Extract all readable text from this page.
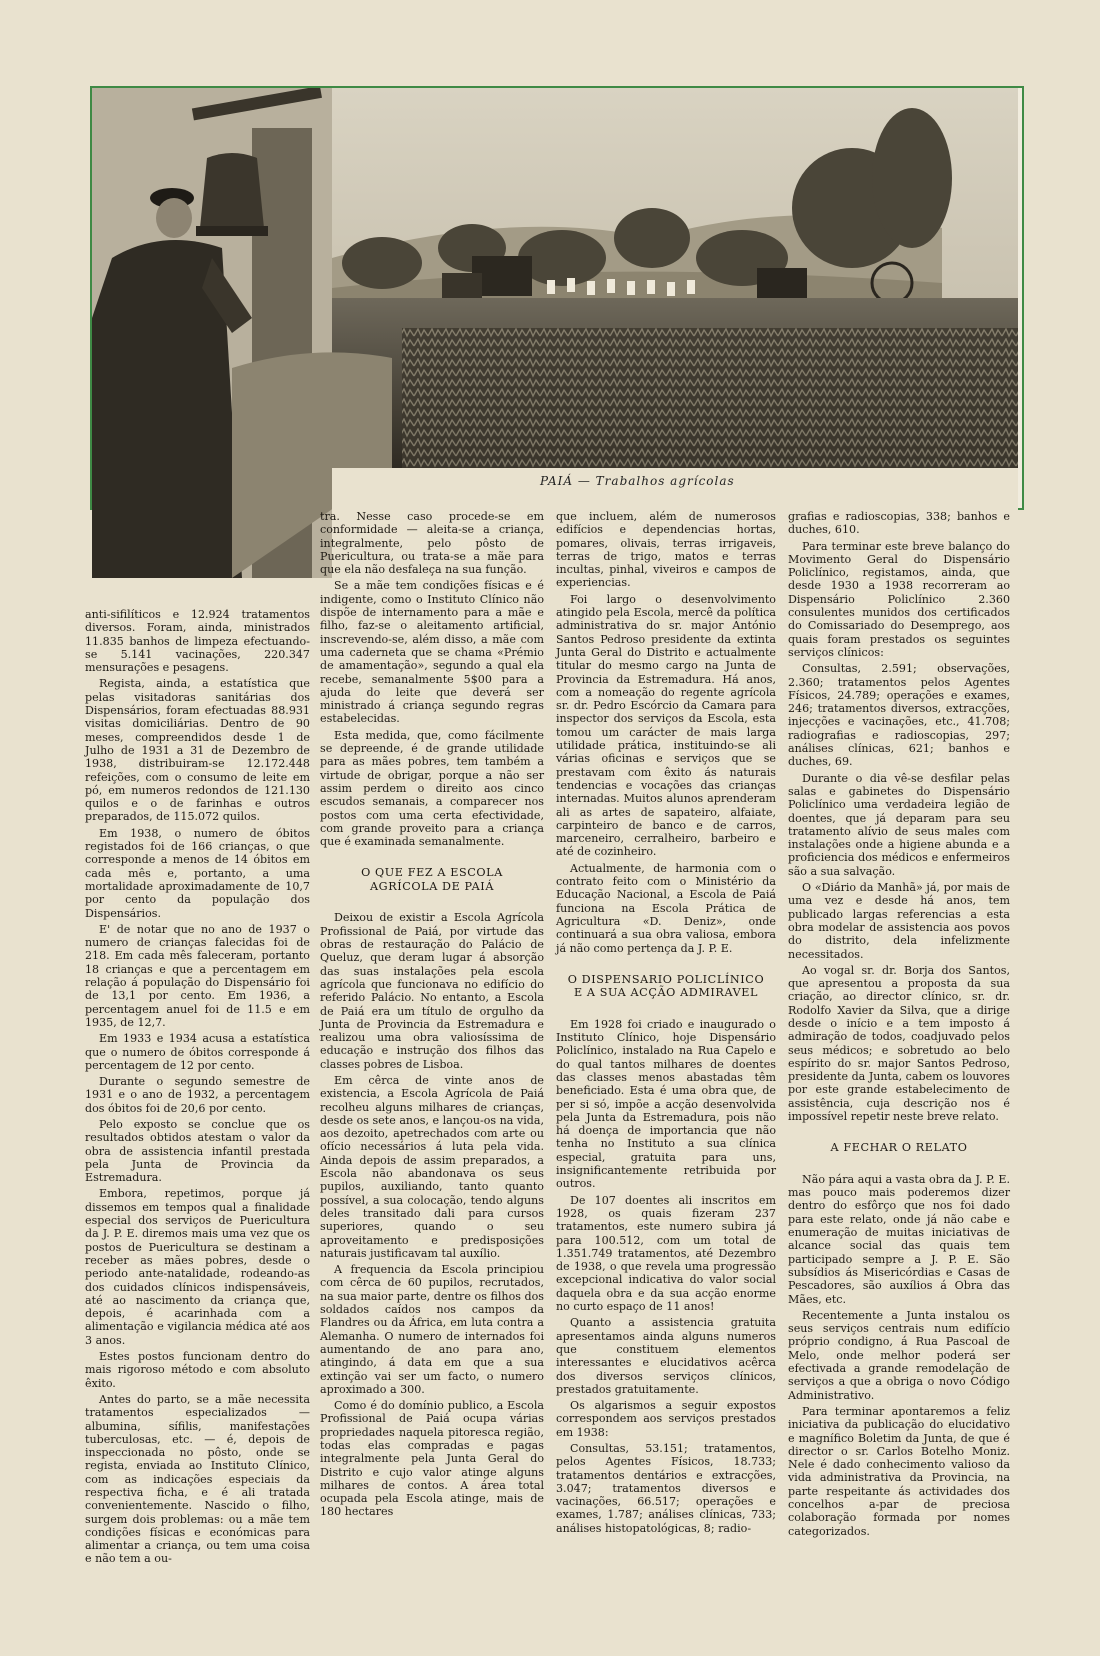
PAIÁ — Trabalhos agrícolas

anti-sifilíticos e 12.924 tratamentos diversos. Foram, ainda, ministrados 11.835 banhos de limpeza efectuando-se 5.141 vacinações, 220.347 mensurações e pesagens.

Regista, ainda, a estatística que pelas visitadoras sanitárias dos Dispensários, foram efectuadas 88.931 visitas domiciliárias. Dentro de 90 meses, compreendidos desde 1 de Julho de 1931 a 31 de Dezembro de 1938, distribuiram-se 12.172.448 refeições, com o consumo de leite em pó, em numeros redondos de 121.130 quilos e o de farinhas e outros preparados, de 115.072 quilos.

Em 1938, o numero de óbitos registados foi de 166 crianças, o que corresponde a menos de 14 óbitos em cada mês e, portanto, a uma mortalidade aproximadamente de 10,7 por cento da população dos Dispensários.

E' de notar que no ano de 1937 o numero de crianças falecidas foi de 218. Em cada mês faleceram, portanto 18 crianças e que a percentagem em relação á população do Dispensário foi de 13,1 por cento. Em 1936, a percentagem anuel foi de 11.5 e em 1935, de 12,7.

Em 1933 e 1934 acusa a estatística que o numero de óbitos corresponde á percentagem de 12 por cento.

Durante o segundo semestre de 1931 e o ano de 1932, a percentagem dos óbitos foi de 20,6 por cento.

Pelo exposto se conclue que os resultados obtidos atestam o valor da obra de assistencia infantil prestada pela Junta de Provincia da Estremadura.

Embora, repetimos, porque já dissemos em tempos qual a finalidade especial dos serviços de Puericultura da J. P. E. diremos mais uma vez que os postos de Puericultura se destinam a receber as mães pobres, desde o periodo ante-natalidade, rodeando-as dos cuidados clínicos indispensáveis, até ao nascimento da criança que, depois, é acarinhada com a alimentação e vigilancia médica até aos 3 anos.

Estes postos funcionam dentro do mais rigoroso método e com absoluto êxito.

Antes do parto, se a mãe necessita tratamentos especializados — albumina, sífilis, manifestações tuberculosas, etc. — é, depois de inspeccionada no pôsto, onde se regista, enviada ao Instituto Clínico, com as indicações especiais da respectiva ficha, e é ali tratada convenientemente. Nascido o filho, surgem dois problemas: ou a mãe tem condições físicas e económicas para alimentar a criança, ou tem uma coisa e não tem a ou-

tra. Nesse caso procede-se em conformidade — aleita-se a criança, integralmente, pelo pôsto de Puericultura, ou trata-se a mãe para que ela não desfaleça na sua função.

Se a mãe tem condições físicas e é indigente, como o Instituto Clínico não dispõe de internamento para a mãe e filho, faz-se o aleitamento artificial, inscrevendo-se, além disso, a mãe com uma caderneta que se chama «Prémio de amamentação», segundo a qual ela recebe, semanalmente 5$00 para a ajuda do leite que deverá ser ministrado á criança segundo regras estabelecidas.

Esta medida, que, como fácilmente se depreende, é de grande utilidade para as mães pobres, tem também a virtude de obrigar, porque a não ser assim perdem o direito aos cinco escudos semanais, a comparecer nos postos com uma certa efectividade, com grande proveito para a criança que é examinada semanalmente.

O QUE FEZ A ESCOLA AGRÍCOLA DE PAIÁ

Deixou de existir a Escola Agrícola Profissional de Paiá, por virtude das obras de restauração do Palácio de Queluz, que deram lugar á absorção das suas instalações pela escola agrícola que funcionava no edifício do referido Palácio. No entanto, a Escola de Paiá era um título de orgulho da Junta de Provincia da Estremadura e realizou uma obra valiosíssima de educação e instrução dos filhos das classes pobres de Lisboa.

Em cêrca de vinte anos de existencia, a Escola Agrícola de Paiá recolheu alguns milhares de crianças, desde os sete anos, e lançou-os na vida, aos dezoito, apetrechados com arte ou ofício necessários á luta pela vida. Ainda depois de assim preparados, a Escola não abandonava os seus pupilos, auxiliando, tanto quanto possível, a sua colocação, tendo alguns deles transitado dali para cursos superiores, quando o seu aproveitamento e predisposições naturais justificavam tal auxílio.

A frequencia da Escola principiou com cêrca de 60 pupilos, recrutados, na sua maior parte, dentre os filhos dos soldados caídos nos campos da Flandres ou da África, em luta contra a Alemanha. O numero de internados foi aumentando de ano para ano, atingindo, á data em que a sua extinção vai ser um facto, o numero aproximado a 300.

Como é do domínio publico, a Escola Profissional de Paiá ocupa várias propriedades naquela pitoresca região, todas elas compradas e pagas integralmente pela Junta Geral do Distrito e cujo valor atinge alguns milhares de contos. A área total ocupada pela Escola atinge, mais de 180 hectares

que incluem, além de numerosos edifícios e dependencias hortas, pomares, olivais, terras irrigaveis, terras de trigo, matos e terras incultas, pinhal, viveiros e campos de experiencias.

Foi largo o desenvolvimento atingido pela Escola, mercê da política administrativa do sr. major António Santos Pedroso presidente da extinta Junta Geral do Distrito e actualmente titular do mesmo cargo na Junta de Provincia da Estremadura. Há anos, com a nomeação do regente agrícola sr. dr. Pedro Escórcio da Camara para inspector dos serviços da Escola, esta tomou um carácter de mais larga utilidade prática, instituindo-se ali várias oficinas e serviços que se prestavam com êxito ás naturais tendencias e vocações das crianças internadas. Muitos alunos aprenderam ali as artes de sapateiro, alfaiate, carpinteiro de banco e de carros, marceneiro, cerralheiro, barbeiro e até de cozinheiro.

Actualmente, de harmonia com o contrato feito com o Ministério da Educação Nacional, a Escola de Paiá funciona na Escola Prática de Agricultura «D. Deniz», onde continuará a sua obra valiosa, embora já não como pertença da J. P. E.

O DISPENSARIO POLICLÍNICO E A SUA ACÇÃO ADMIRAVEL

Em 1928 foi criado e inaugurado o Instituto Clínico, hoje Dispensário Policlínico, instalado na Rua Capelo e do qual tantos milhares de doentes das classes menos abastadas têm beneficiado. Esta é uma obra que, de per si só, impõe a acção desenvolvida pela Junta da Estremadura, pois não há doença de importancia que não tenha no Instituto a sua clínica especial, gratuita para uns, insignificantemente retribuida por outros.

De 107 doentes ali inscritos em 1928, os quais fizeram 237 tratamentos, este numero subira já para 100.512, com um total de 1.351.749 tratamentos, até Dezembro de 1938, o que revela uma progressão excepcional indicativa do valor social daquela obra e da sua acção enorme no curto espaço de 11 anos!

Quanto a assistencia gratuita apresentamos ainda alguns numeros que constituem elementos interessantes e elucidativos acêrca dos diversos serviços clínicos, prestados gratuitamente.

Os algarismos a seguir expostos correspondem aos serviços prestados em 1938:

Consultas, 53.151; tratamentos, pelos Agentes Físicos, 18.733; tratamentos dentários e extracções, 3.047; tratamentos diversos e vacinações, 66.517; operações e exames, 1.787; análises clínicas, 733; análises histopatológicas, 8; radio-

grafias e radioscopias, 338; banhos e duches, 610.

Para terminar este breve balanço do Movimento Geral do Dispensário Policlínico, registamos, ainda, que desde 1930 a 1938 recorreram ao Dispensário Policlínico 2.360 consulentes munidos dos certificados do Comissariado do Desemprego, aos quais foram prestados os seguintes serviços clínicos:

Consultas, 2.591; observações, 2.360; tratamentos pelos Agentes Físicos, 24.789; operações e exames, 246; tratamentos diversos, extracções, injecções e vacinações, etc., 41.708; radiografias e radioscopias, 297; análises clínicas, 621; banhos e duches, 69.

Durante o dia vê-se desfilar pelas salas e gabinetes do Dispensário Policlínico uma verdadeira legião de doentes, que já deparam para seu tratamento alívio de seus males com instalações onde a higiene abunda e a proficiencia dos médicos e enfermeiros são a sua salvação.

O «Diário da Manhã» já, por mais de uma vez e desde há anos, tem publicado largas referencias a esta obra modelar de assistencia aos povos do distrito, dela infelizmente necessitados.

Ao vogal sr. dr. Borja dos Santos, que apresentou a proposta da sua criação, ao director clínico, sr. dr. Rodolfo Xavier da Silva, que a dirige desde o início e a tem imposto á admiração de todos, coadjuvado pelos seus médicos; e sobretudo ao belo espírito do sr. major Santos Pedroso, presidente da Junta, cabem os louvores por este grande estabelecimento de assistência, cuja descrição nos é impossível repetir neste breve relato.

A FECHAR O RELATO

Não pára aqui a vasta obra da J. P. E. mas pouco mais poderemos dizer dentro do esfôrço que nos foi dado para este relato, onde já não cabe e enumeração de muitas iniciativas de alcance social das quais tem participado sempre a J. P. E. São subsídios ás Misericórdias e Casas de Pescadores, são auxílios á Obra das Mães, etc.

Recentemente a Junta instalou os seus serviços centrais num edifício próprio condigno, á Rua Pascoal de Melo, onde melhor poderá ser efectivada a grande remodelação de serviços a que a obriga o novo Código Administrativo.

Para terminar apontaremos a feliz iniciativa da publicação do elucidativo e magnífico Boletim da Junta, de que é director o sr. Carlos Botelho Moniz. Nele é dado conhecimento valioso da vida administrativa da Provincia, na parte respeitante ás actividades dos concelhos a-par de preciosa colaboração formada por nomes categorizados.
